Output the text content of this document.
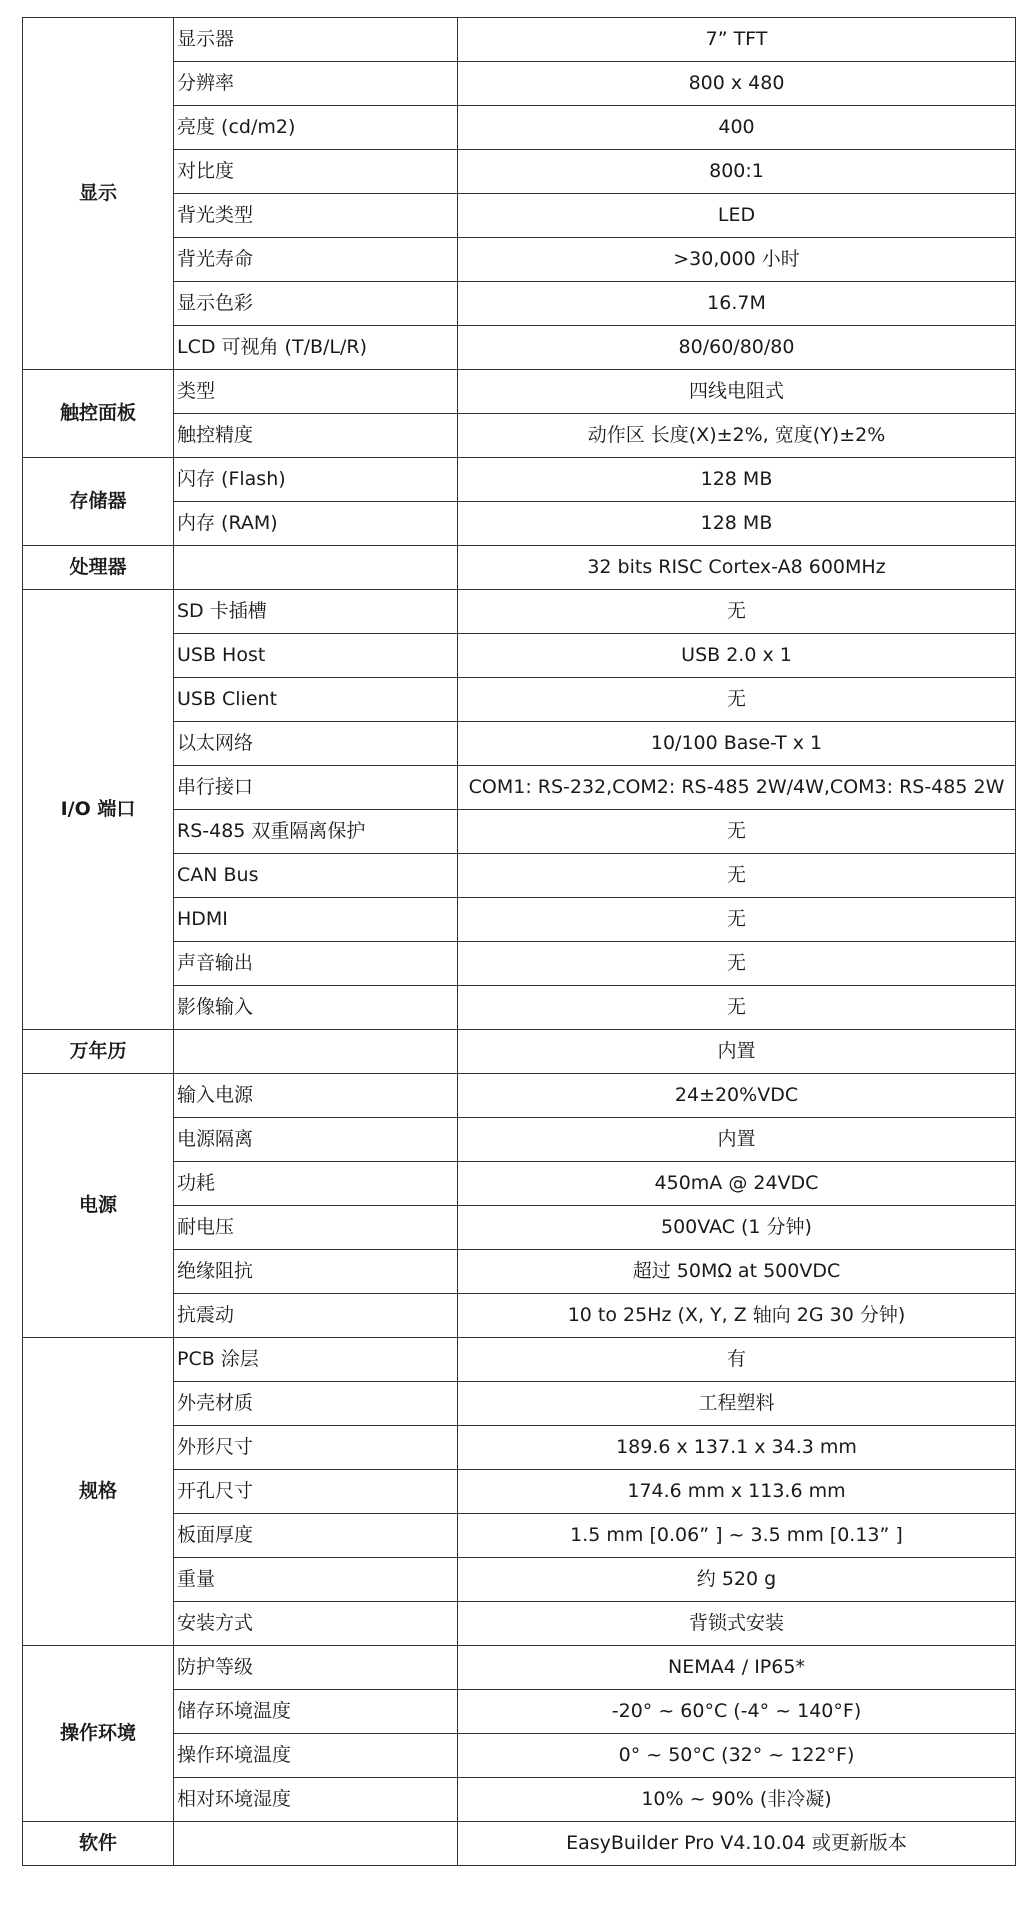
显示	显示器	7” TFT
	分辨率	800 x 480
	亮度 (cd/m2)	400
	对比度	800:1
	背光类型	LED
	背光寿命	>30,000 小时
	显示色彩	16.7M
	LCD 可视角 (T/B/L/R)	80/60/80/80
触控面板	类型	四线电阻式
	触控精度	动作区 长度(X)±2%, 宽度(Y)±2%
存储器	闪存 (Flash)	128 MB
	内存 (RAM)	128 MB
处理器		32 bits RISC Cortex-A8 600MHz
I/O 端口	SD 卡插槽	无
	USB Host	USB 2.0 x 1
	USB Client	无
	以太网络	10/100 Base-T x 1
	串行接口	COM1: RS-232,COM2: RS-485 2W/4W,COM3: RS-485 2W
	RS-485 双重隔离保护	无
	CAN Bus	无
	HDMI	无
	声音输出	无
	影像输入	无
万年历		内置
电源	输入电源	24±20%VDC
	电源隔离	内置
	功耗	450mA @ 24VDC
	耐电压	500VAC (1 分钟)
	绝缘阻抗	超过 50MΩ at 500VDC
	抗震动	10 to 25Hz (X, Y, Z 轴向 2G 30 分钟)
规格	PCB 涂层	有
	外壳材质	工程塑料
	外形尺寸	189.6 x 137.1 x 34.3 mm
	开孔尺寸	174.6 mm x 113.6 mm
	板面厚度	1.5 mm [0.06” ] ~ 3.5 mm [0.13” ]
	重量	约 520 g
	安装方式	背锁式安装
操作环境	防护等级	NEMA4 / IP65*
	储存环境温度	-20° ~ 60°C (-4° ~ 140°F)
	操作环境温度	0° ~ 50°C (32° ~ 122°F)
	相对环境湿度	10% ~ 90% (非冷凝)
软件		EasyBuilder Pro V4.10.04 或更新版本
